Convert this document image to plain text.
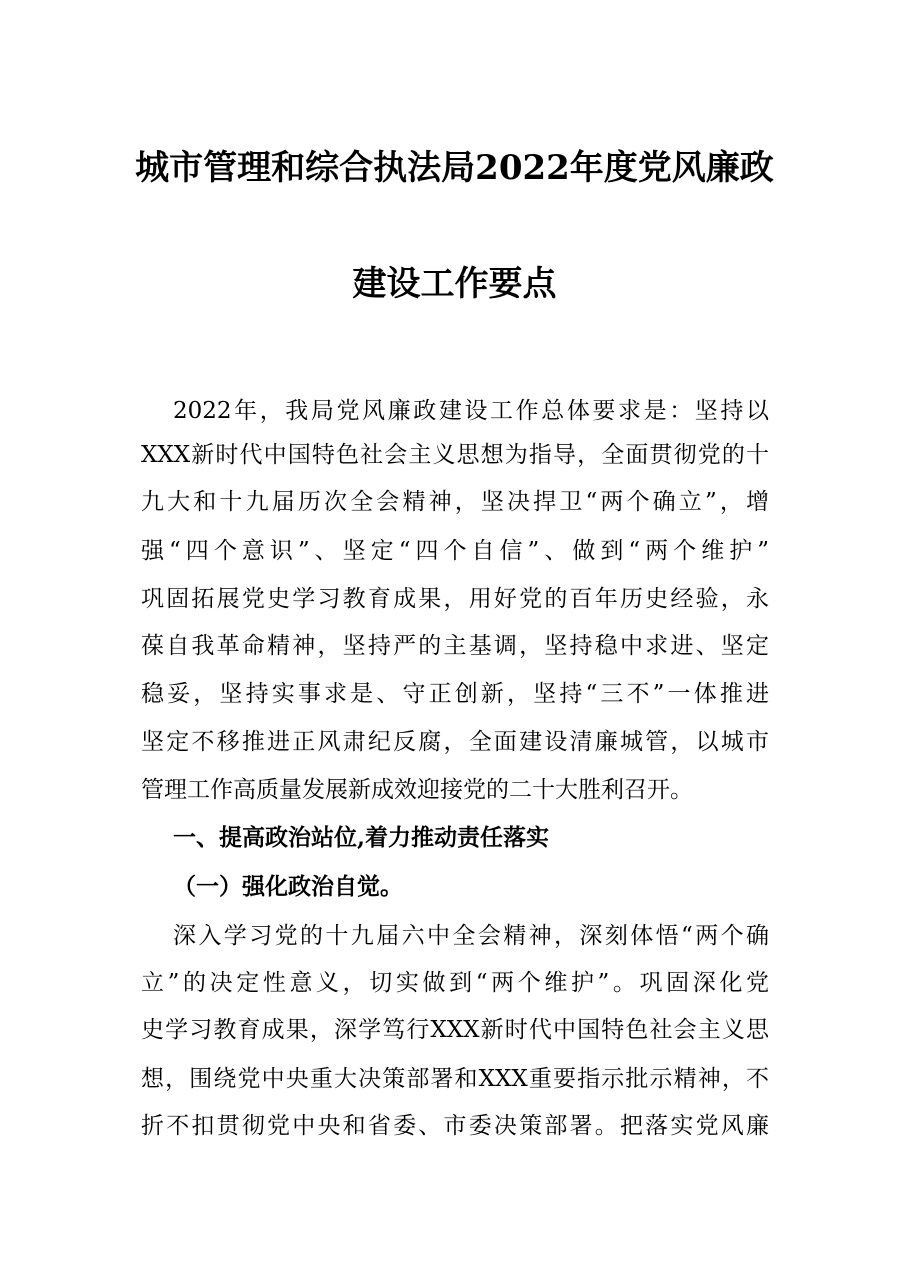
城市管理和综合执法局2022年度党风廉政
建设工作要点
2022年，我局党风廉政建设工作总体要求是：坚持以
XXX新时代中国特色社会主义思想为指导，全面贯彻党的十
九大和十九届历次全会精神，坚决捍卫“两个确立”，增
强“四个意识”、坚定“四个自信”、做到“两个维护”
巩固拓展党史学习教育成果，用好党的百年历史经验，永
葆自我革命精神，坚持严的主基调，坚持稳中求进、坚定
稳妥，坚持实事求是、守正创新，坚持“三不”一体推进
坚定不移推进正风肃纪反腐，全面建设清廉城管，以城市
管理工作高质量发展新成效迎接党的二十大胜利召开。
一、提高政治站位,着力推动责任落实
（一）强化政治自觉。
深入学习党的十九届六中全会精神，深刻体悟“两个确
立”的决定性意义，切实做到“两个维护”。巩固深化党
史学习教育成果，深学笃行XXX新时代中国特色社会主义思
想，围绕党中央重大决策部署和XXX重要指示批示精神，不
折不扣贯彻党中央和省委、市委决策部署。把落实党风廉
